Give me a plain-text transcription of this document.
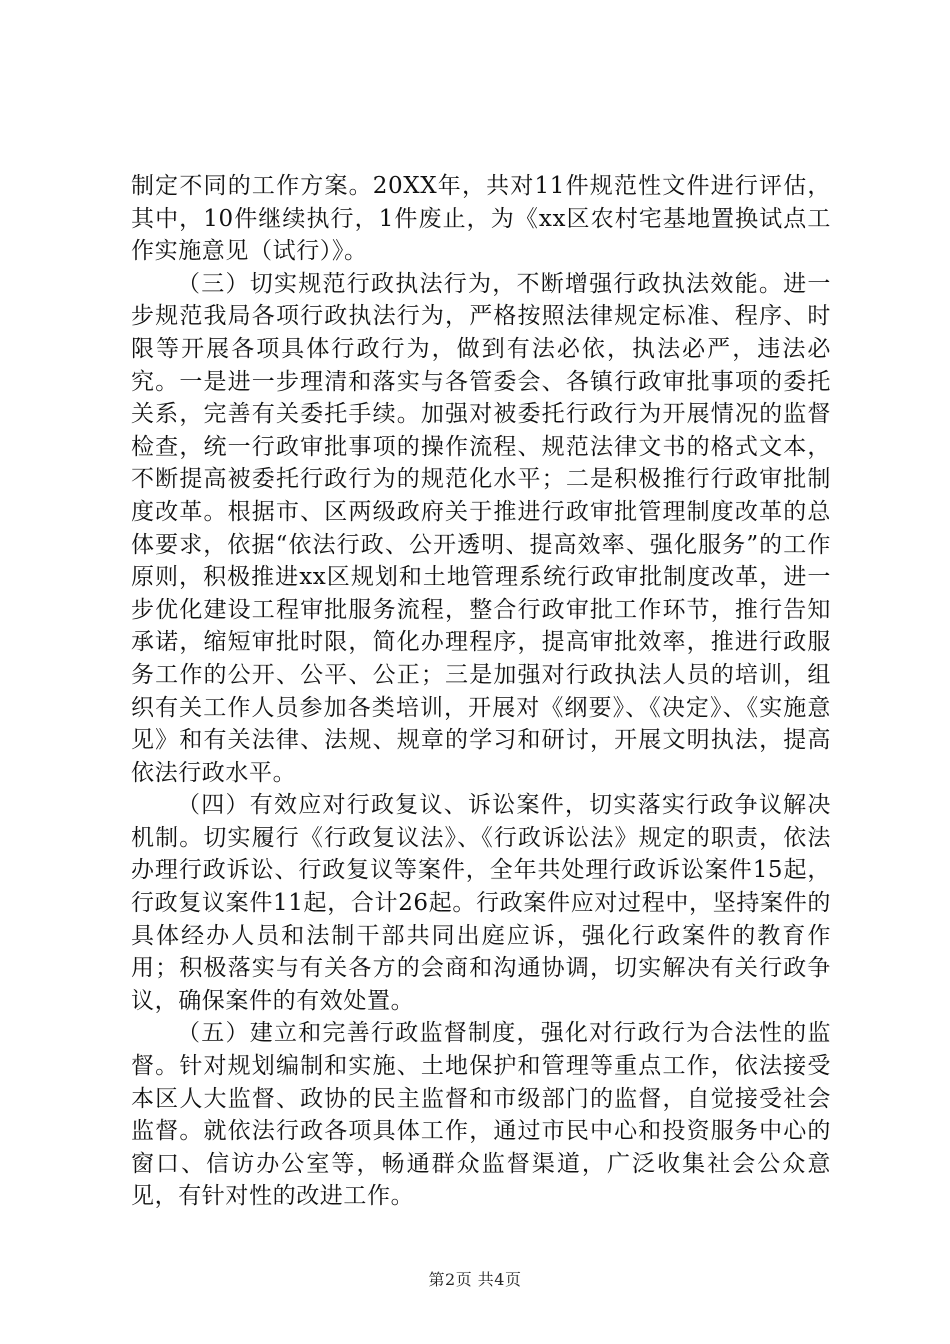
制定不同的工作方案。20XX年，共对11件规范性文件进行评估，其中，10件继续执行，1件废止，为《xx区农村宅基地置换试点工作实施意见（试行）》。

（三）切实规范行政执法行为，不断增强行政执法效能。进一步规范我局各项行政执法行为，严格按照法律规定标准、程序、时限等开展各项具体行政行为，做到有法必依，执法必严，违法必究。一是进一步理清和落实与各管委会、各镇行政审批事项的委托关系，完善有关委托手续。加强对被委托行政行为开展情况的监督检查，统一行政审批事项的操作流程、规范法律文书的格式文本，不断提高被委托行政行为的规范化水平；二是积极推行行政审批制度改革。根据市、区两级政府关于推进行政审批管理制度改革的总体要求，依据“依法行政、公开透明、提高效率、强化服务”的工作原则，积极推进xx区规划和土地管理系统行政审批制度改革，进一步优化建设工程审批服务流程，整合行政审批工作环节，推行告知承诺，缩短审批时限，简化办理程序，提高审批效率，推进行政服务工作的公开、公平、公正；三是加强对行政执法人员的培训，组织有关工作人员参加各类培训，开展对《纲要》、《决定》、《实施意见》和有关法律、法规、规章的学习和研讨，开展文明执法，提高依法行政水平。

（四）有效应对行政复议、诉讼案件，切实落实行政争议解决机制。切实履行《行政复议法》、《行政诉讼法》规定的职责，依法办理行政诉讼、行政复议等案件，全年共处理行政诉讼案件15起，行政复议案件11起，合计26起。行政案件应对过程中，坚持案件的具体经办人员和法制干部共同出庭应诉，强化行政案件的教育作用；积极落实与有关各方的会商和沟通协调，切实解决有关行政争议，确保案件的有效处置。

（五）建立和完善行政监督制度，强化对行政行为合法性的监督。针对规划编制和实施、土地保护和管理等重点工作，依法接受本区人大监督、政协的民主监督和市级部门的监督，自觉接受社会监督。就依法行政各项具体工作，通过市民中心和投资服务中心的窗口、信访办公室等，畅通群众监督渠道，广泛收集社会公众意见，有针对性的改进工作。

第2页 共4页
